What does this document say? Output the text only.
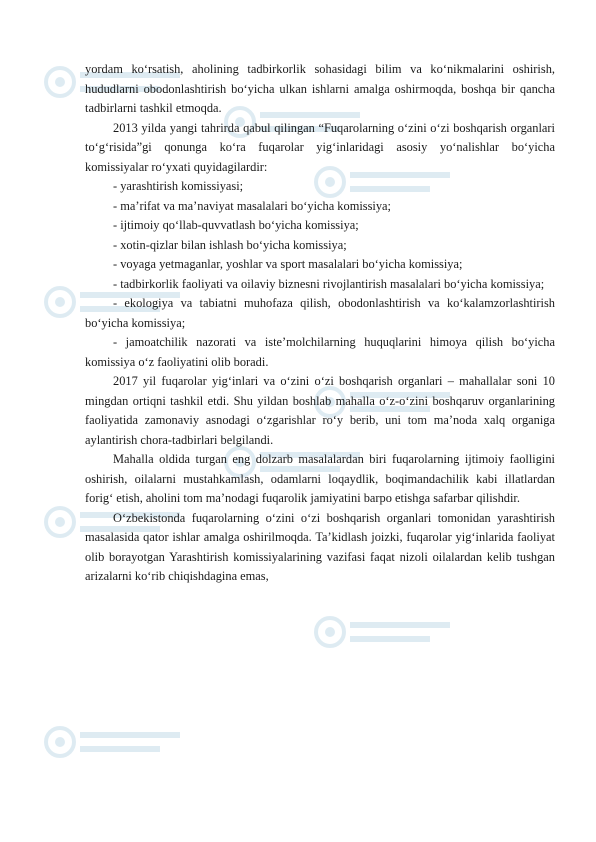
yordam ko‘rsatish, aholining tadbirkorlik sohasidagi bilim va ko‘nikmalarini oshirish, hududlarni obodonlashtirish bo‘yicha ulkan ishlarni amalga oshirmoqda, boshqa bir qancha tadbirlarni tashkil etmoqda.

2013 yilda yangi tahrirda qabul qilingan “Fuqarolarning o‘zini o‘zi boshqarish organlari to‘g‘risida”gi qonunga ko‘ra fuqarolar yig‘inlaridagi asosiy yo‘nalishlar bo‘yicha komissiyalar ro‘yxati quyidagilardir:

- yarashtirish komissiyasi;

- ma’rifat va ma’naviyat masalalari bo‘yicha komissiya;

- ijtimoiy qo‘llab-quvvatlash bo‘yicha komissiya;

- xotin-qizlar bilan ishlash bo‘yicha komissiya;

- voyaga yetmaganlar, yoshlar va sport masalalari bo‘yicha komissiya;

- tadbirkorlik faoliyati va oilaviy biznesni rivojlantirish masalalari bo‘yicha komissiya;

- ekologiya va tabiatni muhofaza qilish, obodonlashtirish va ko‘kalamzorlashtirish bo‘yicha komissiya;

- jamoatchilik nazorati va iste’molchilarning huquqlarini himoya qilish bo‘yicha komissiya o‘z faoliyatini olib boradi.

2017 yil fuqarolar yig‘inlari va o‘zini o‘zi boshqarish organlari – mahallalar soni 10 mingdan ortiqni tashkil etdi. Shu yildan boshlab mahalla o‘z-o‘zini boshqaruv organlarining faoliyatida zamonaviy asnodagi o‘zgarishlar ro‘y berib, uni tom ma’noda xalq organiga aylantirish chora-tadbirlari belgilandi.

Mahalla oldida turgan eng dolzarb masalalardan biri fuqarolarning ijtimoiy faolligini oshirish, oilalarni mustahkamlash, odamlarni loqaydlik, boqimandachilik kabi illatlardan forig‘ etish, aholini tom ma’nodagi fuqarolik jamiyatini barpo etishga safarbar qilishdir.

O‘zbekistonda fuqarolarning o‘zini o‘zi boshqarish organlari tomonidan yarashtirish masalasida qator ishlar amalga oshirilmoqda. Ta’kidlash joizki, fuqarolar yig‘inlarida faoliyat olib borayotgan Yarashtirish komissiyalarining vazifasi faqat nizoli oilalardan kelib tushgan arizalarni ko‘rib chiqishdagina emas,
